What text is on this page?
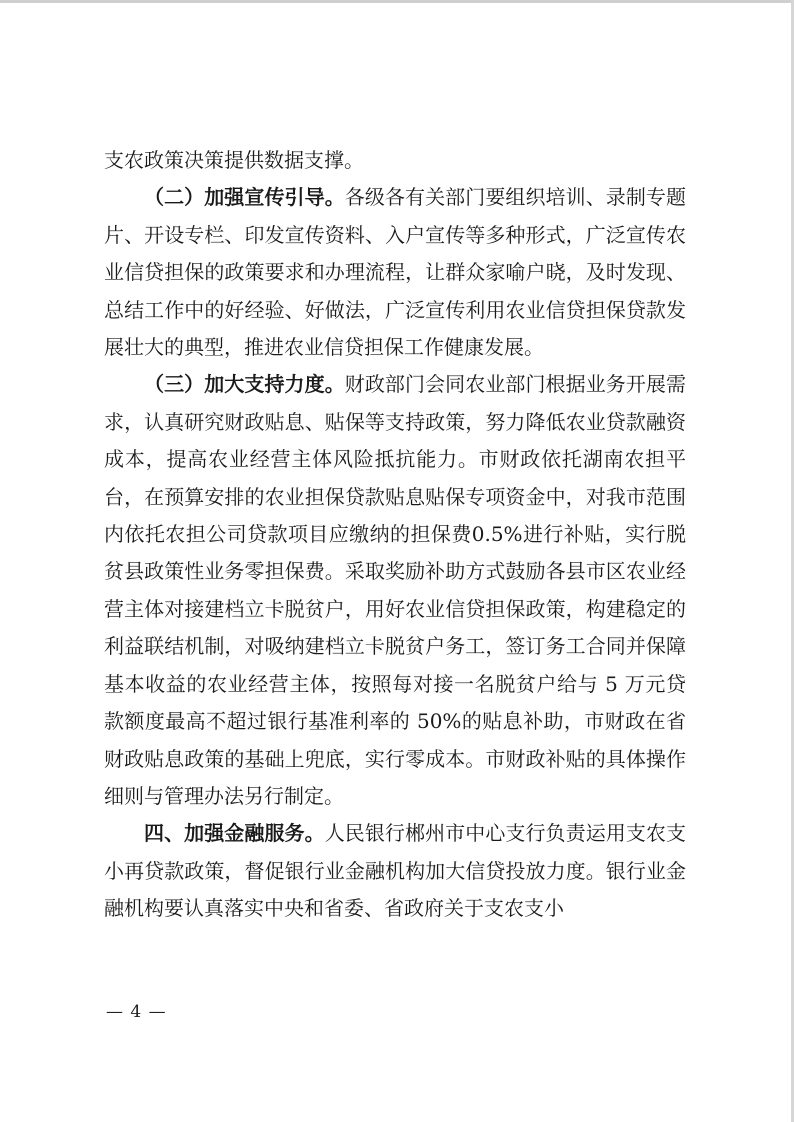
支农政策决策提供数据支撑。

（二）加强宣传引导。各级各有关部门要组织培训、录制专题片、开设专栏、印发宣传资料、入户宣传等多种形式，广泛宣传农业信贷担保的政策要求和办理流程，让群众家喻户晓，及时发现、总结工作中的好经验、好做法，广泛宣传利用农业信贷担保贷款发展壮大的典型，推进农业信贷担保工作健康发展。

（三）加大支持力度。财政部门会同农业部门根据业务开展需求，认真研究财政贴息、贴保等支持政策，努力降低农业贷款融资成本，提高农业经营主体风险抵抗能力。市财政依托湖南农担平台，在预算安排的农业担保贷款贴息贴保专项资金中，对我市范围内依托农担公司贷款项目应缴纳的担保费0.5%进行补贴，实行脱贫县政策性业务零担保费。采取奖励补助方式鼓励各县市区农业经营主体对接建档立卡脱贫户，用好农业信贷担保政策，构建稳定的利益联结机制，对吸纳建档立卡脱贫户务工，签订务工合同并保障基本收益的农业经营主体，按照每对接一名脱贫户给与 5 万元贷款额度最高不超过银行基准利率的 50%的贴息补助，市财政在省财政贴息政策的基础上兜底，实行零成本。市财政补贴的具体操作细则与管理办法另行制定。

四、加强金融服务。人民银行郴州市中心支行负责运用支农支小再贷款政策，督促银行业金融机构加大信贷投放力度。银行业金融机构要认真落实中央和省委、省政府关于支农支小

— 4 —
